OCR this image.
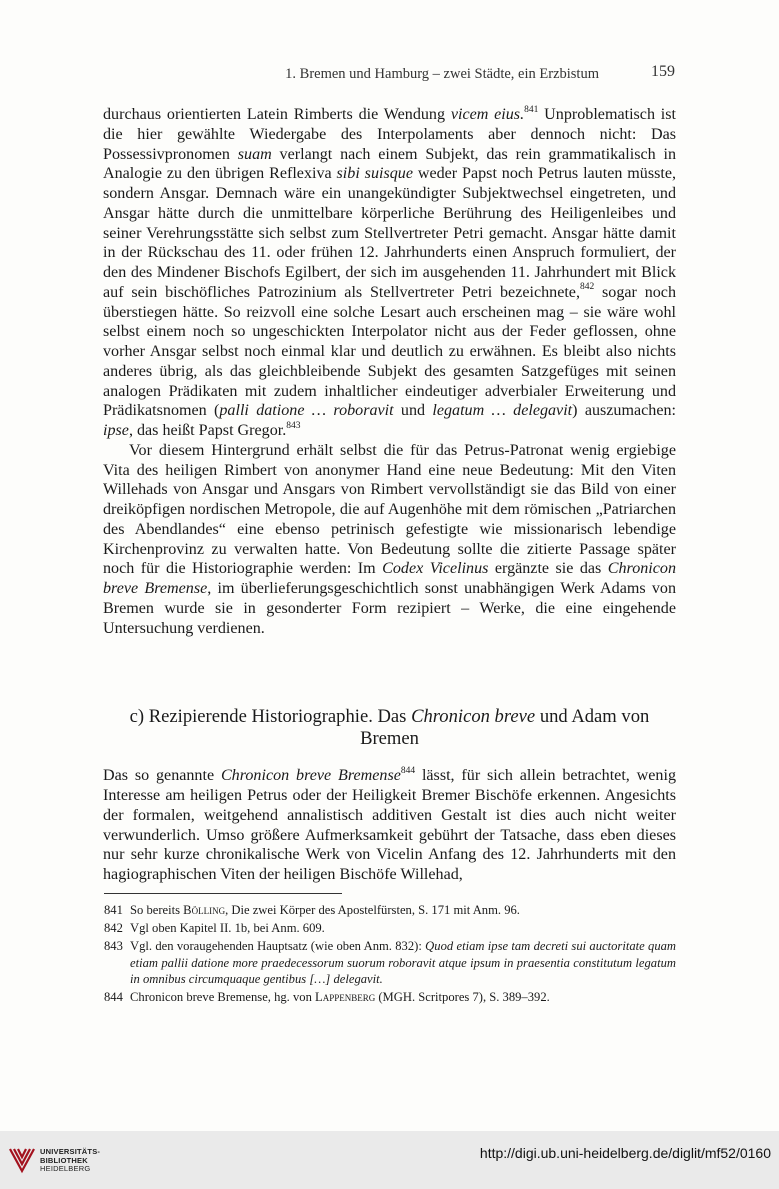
1. Bremen und Hamburg – zwei Städte, ein Erzbistum	159

durchaus orientierten Latein Rimberts die Wendung vicem eius.$^{841}$ Unproblematisch ist die hier gewählte Wiedergabe des Interpolaments aber dennoch nicht: Das Possessivpronomen suam verlangt nach einem Subjekt, das rein grammatikalisch in Analogie zu den übrigen Reflexiva sibi suisque weder Papst noch Petrus lauten müsste, sondern Ansgar. Demnach wäre ein unangekündigter Subjektwechsel eingetreten, und Ansgar hätte durch die unmittelbare körperliche Berührung des Heiligenleibes und seiner Verehrungsstätte sich selbst zum Stellvertreter Petri gemacht. Ansgar hätte damit in der Rückschau des 11. oder frühen 12. Jahrhunderts einen Anspruch formuliert, der den des Mindener Bischofs Egilbert, der sich im ausgehenden 11. Jahrhundert mit Blick auf sein bischöfliches Patrozinium als Stellvertreter Petri bezeichnete,$^{842}$ sogar noch überstiegen hätte. So reizvoll eine solche Lesart auch erscheinen mag – sie wäre wohl selbst einem noch so ungeschickten Interpolator nicht aus der Feder geflossen, ohne vorher Ansgar selbst noch einmal klar und deutlich zu erwähnen. Es bleibt also nichts anderes übrig, als das gleichbleibende Subjekt des gesamten Satzgefüges mit seinen analogen Prädikaten mit zudem inhaltlicher eindeutiger adverbialer Erweiterung und Prädikatsnomen (palli datione … roboravit und legatum … delegavit) auszumachen: ipse, das heißt Papst Gregor.$^{843}$

Vor diesem Hintergrund erhält selbst die für das Petrus-Patronat wenig ergiebige Vita des heiligen Rimbert von anonymer Hand eine neue Bedeutung: Mit den Viten Willehads von Ansgar und Ansgars von Rimbert vervollständigt sie das Bild von einer dreiköpfigen nordischen Metropole, die auf Augenhöhe mit dem römischen „Patriarchen des Abendlandes“ eine ebenso petrinisch gefestigte wie missionarisch lebendige Kirchenprovinz zu verwalten hatte. Von Bedeutung sollte die zitierte Passage später noch für die Historiographie werden: Im Codex Vicelinus ergänzte sie das Chronicon breve Bremense, im überlieferungsgeschichtlich sonst unabhängigen Werk Adams von Bremen wurde sie in gesonderter Form rezipiert – Werke, die eine eingehende Untersuchung verdienen.

c) Rezipierende Historiographie. Das Chronicon breve und Adam von Bremen
Das so genannte Chronicon breve Bremense$^{844}$ lässt, für sich allein betrachtet, wenig Interesse am heiligen Petrus oder der Heiligkeit Bremer Bischöfe erkennen. Angesichts der formalen, weitgehend annalistisch additiven Gestalt ist dies auch nicht weiter verwunderlich. Umso größere Aufmerksamkeit gebührt der Tatsache, dass eben dieses nur sehr kurze chronikalische Werk von Vicelin Anfang des 12. Jahrhunderts mit den hagiographischen Viten der heiligen Bischöfe Willehad,
841 So bereits Bölling, Die zwei Körper des Apostelfürsten, S. 171 mit Anm. 96.
842 Vgl oben Kapitel II. 1b, bei Anm. 609.
843 Vgl. den voraugehenden Hauptsatz (wie oben Anm. 832): Quod etiam ipse tam decreti sui auctoritate quam etiam pallii datione more praedecessorum suorum roboravit atque ipsum in praesentia constitutum legatum in omnibus circumquaque gentibus […] delegavit.
844 Chronicon breve Bremense, hg. von Lappenberg (MGH. Scritpores 7), S. 389–392.
UNIVERSITÄTS-
BIBLIOTHEK
HEIDELBERG
http://digi.ub.uni-heidelberg.de/diglit/mf52/0160
